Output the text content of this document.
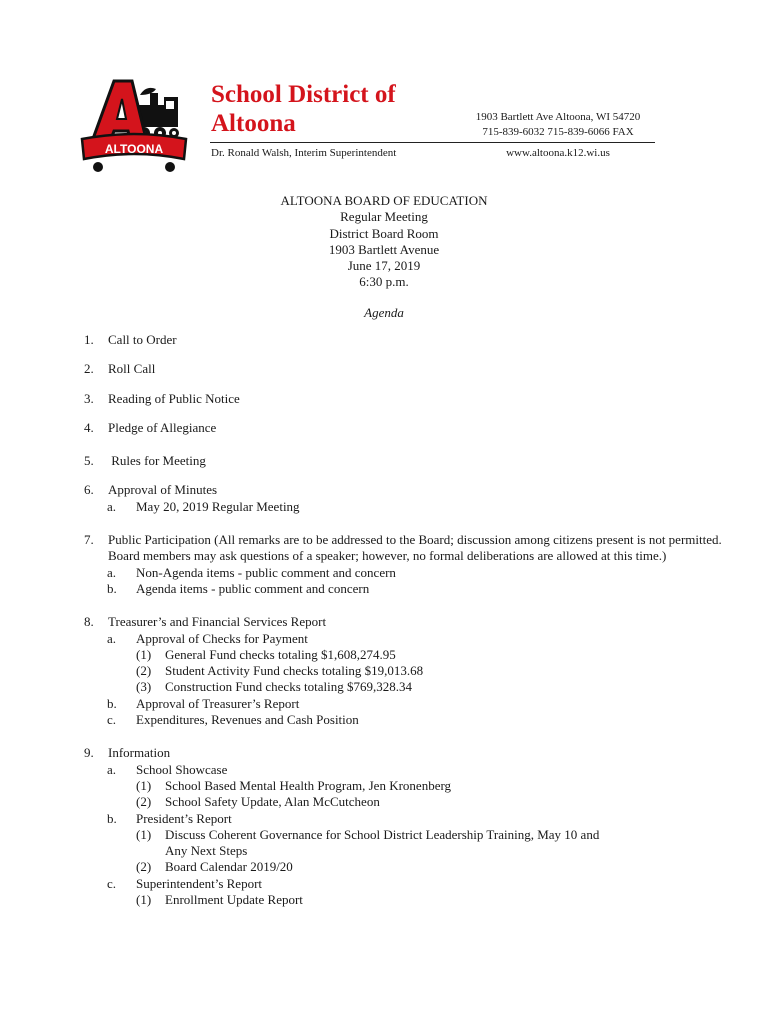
ALTOONA
School District of
Altoona	1903 Bartlett Ave Altoona, WI 54720
715-839-6032 715-839-6066 FAX
Dr. Ronald Walsh, Interim Superintendent	www.altoona.k12.wi.us
ALTOONA BOARD OF EDUCATION
Regular Meeting
District Board Room
1903 Bartlett Avenue
June 17, 2019
6:30 p.m.
Agenda
1. Call to Order
2. Roll Call
3. Reading of Public Notice
4. Pledge of Allegiance
5. Rules for Meeting
6. Approval of Minutes
a. May 20, 2019 Regular Meeting
7. Public Participation (All remarks are to be addressed to the Board; discussion among citizens present is not permitted. Board members may ask questions of a speaker; however, no formal deliberations are allowed at this time.)
a. Non-Agenda items - public comment and concern
b. Agenda items - public comment and concern
8. Treasurer’s and Financial Services Report
a. Approval of Checks for Payment
(1) General Fund checks totaling $1,608,274.95
(2) Student Activity Fund checks totaling $19,013.68
(3) Construction Fund checks totaling $769,328.34
b. Approval of Treasurer’s Report
c. Expenditures, Revenues and Cash Position
9. Information
a. School Showcase
(1) School Based Mental Health Program, Jen Kronenberg
(2) School Safety Update, Alan McCutcheon
b. President’s Report
(1) Discuss Coherent Governance for School District Leadership Training, May 10 and
Any Next Steps
(2) Board Calendar 2019/20
c. Superintendent’s Report
(1) Enrollment Update Report
